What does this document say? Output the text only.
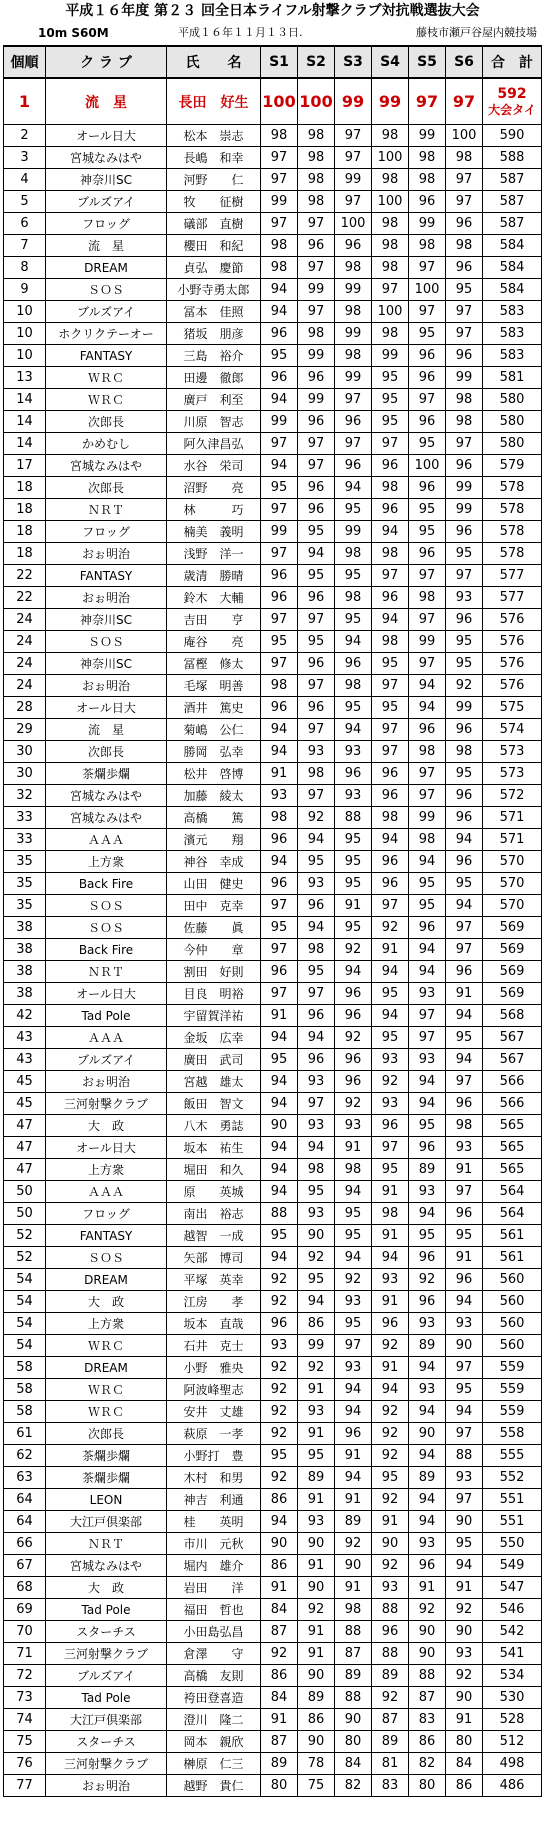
平成１６年度 第２３ 回全日本ライフル射撃クラブ対抗戦選抜大会
10m S60M	平成１６年１１月１３日.	藤枝市瀬戸谷屋内競技場
個順	ク ラ ブ	氏　　名	S1	S2	S3	S4	S5	S6	合　計
1	流　星	長田　好生	100	100	99	99	97	97	592
大会タイ

2	オール日大	松本　崇志	98	98	97	98	99	100	590
3	宮城なみはや	長嶋　和幸	97	98	97	100	98	98	588
4	神奈川SC	河野　　仁	97	98	99	98	98	97	587
5	ブルズアイ	牧　　征樹	99	98	97	100	96	97	587
6	フロッグ	礒部　直樹	97	97	100	98	99	96	587
7	流　星	櫻田　和紀	98	96	96	98	98	98	584
8	DREAM	貞弘　慶節	98	97	98	98	97	96	584
9	ＳＯＳ	小野寺勇太郎	94	99	99	97	100	95	584
10	ブルズアイ	冨本　佳照	94	97	98	100	97	97	583
10	ホクリクテーオー	猪坂　朋彦	96	98	99	98	95	97	583
10	FANTASY	三島　裕介	95	99	98	99	96	96	583
13	ＷＲＣ	田邊　徹郎	96	96	99	95	96	99	581
14	ＷＲＣ	廣戸　利至	94	99	97	95	97	98	580
14	次郎長	川原　智志	99	96	96	95	96	98	580
14	かめむし	阿久津昌弘	97	97	97	97	95	97	580
17	宮城なみはや	水谷　栄司	94	97	96	96	100	96	579
18	次郎長	沼野　　亮	95	96	94	98	96	99	578
18	ＮＲＴ	林　　　巧	97	96	95	96	95	99	578
18	フロッグ	楠美　義明	99	95	99	94	95	96	578
18	おぉ明治	浅野　洋一	97	94	98	98	96	95	578
22	FANTASY	歳清　勝晴	96	95	95	97	97	97	577
22	おぉ明治	鈴木　大輔	96	96	98	96	98	93	577
24	神奈川SC	吉田　　亨	97	97	95	94	97	96	576
24	ＳＯＳ	庵谷　　亮	95	95	94	98	99	95	576
24	神奈川SC	冨樫　修太	97	96	96	95	97	95	576
24	おぉ明治	毛塚　明善	98	97	98	97	94	92	576
28	オール日大	酒井　篤史	96	96	95	95	94	99	575
29	流　星	菊嶋　公仁	94	97	94	97	96	96	574
30	次郎長	勝岡　弘幸	94	93	93	97	98	98	573
30	茶爛歩爛	松井　啓博	91	98	96	96	97	95	573
32	宮城なみはや	加藤　綾太	93	97	93	96	97	96	572
33	宮城なみはや	高橋　　篤	98	92	88	98	99	96	571
33	ＡＡＡ	濱元　　翔	96	94	95	94	98	94	571
35	上方衆	神谷　幸成	94	95	95	96	94	96	570
35	Back Fire	山田　健史	96	93	95	96	95	95	570
35	ＳＯＳ	田中　克幸	97	96	91	97	95	94	570
38	ＳＯＳ	佐藤　　眞	95	94	95	92	96	97	569
38	Back Fire	今仲　　章	97	98	92	91	94	97	569
38	ＮＲＴ	割田　好則	96	95	94	94	94	96	569
38	オール日大	目良　明裕	97	97	96	95	93	91	569
42	Tad Pole	宇留賀洋祐	91	96	96	94	97	94	568
43	ＡＡＡ	金坂　広幸	94	94	92	95	97	95	567
43	ブルズアイ	廣田　武司	95	96	96	93	93	94	567
45	おぉ明治	宮越　雄太	94	93	96	92	94	97	566
45	三河射撃クラブ	飯田　智文	94	97	92	93	94	96	566
47	大　政	八木　勇誌	90	93	93	96	95	98	565
47	オール日大	坂本　祐生	94	94	91	97	96	93	565
47	上方衆	堀田　和久	94	98	98	95	89	91	565
50	ＡＡＡ	原　　英城	94	95	94	91	93	97	564
50	フロッグ	南出　裕志	88	93	95	98	94	96	564
52	FANTASY	越智　一成	95	90	95	91	95	95	561
52	ＳＯＳ	矢部　博司	94	92	94	94	96	91	561
54	DREAM	平塚　英幸	92	95	92	93	92	96	560
54	大　政	江房　　孝	92	94	93	91	96	94	560
54	上方衆	坂本　直哉	96	86	95	96	93	93	560
54	ＷＲＣ	石井　克士	93	99	97	92	89	90	560
58	DREAM	小野　雅央	92	92	93	91	94	97	559
58	ＷＲＣ	阿波峰聖志	92	91	94	94	93	95	559
58	ＷＲＣ	安井　丈雄	92	93	94	92	94	94	559
61	次郎長	萩原　一孝	92	91	96	92	90	97	558
62	茶爛歩爛	小野打　豊	95	95	91	92	94	88	555
63	茶爛歩爛	木村　和男	92	89	94	95	89	93	552
64	LEON	神吉　利通	86	91	91	92	94	97	551
64	大江戸倶楽部	桂　　英明	94	93	89	91	94	90	551
66	ＮＲＴ	市川　元秋	90	90	92	90	93	95	550
67	宮城なみはや	堀内　雄介	86	91	90	92	96	94	549
68	大　政	岩田　　洋	91	90	91	93	91	91	547
69	Tad Pole	福田　哲也	84	92	98	88	92	92	546
70	スターチス	小田島弘昌	87	91	88	96	90	90	542
71	三河射撃クラブ	倉澤　　守	92	91	87	88	90	93	541
72	ブルズアイ	高橋　友則	86	90	89	89	88	92	534
73	Tad Pole	袴田登喜造	84	89	88	92	87	90	530
74	大江戸倶楽部	澄川　隆二	91	86	90	87	83	91	528
75	スターチス	岡本　親欣	87	90	80	89	86	80	512
76	三河射撃クラブ	榊原　仁三	89	78	84	81	82	84	498
77	おぉ明治	越野　貴仁	80	75	82	83	80	86	486
